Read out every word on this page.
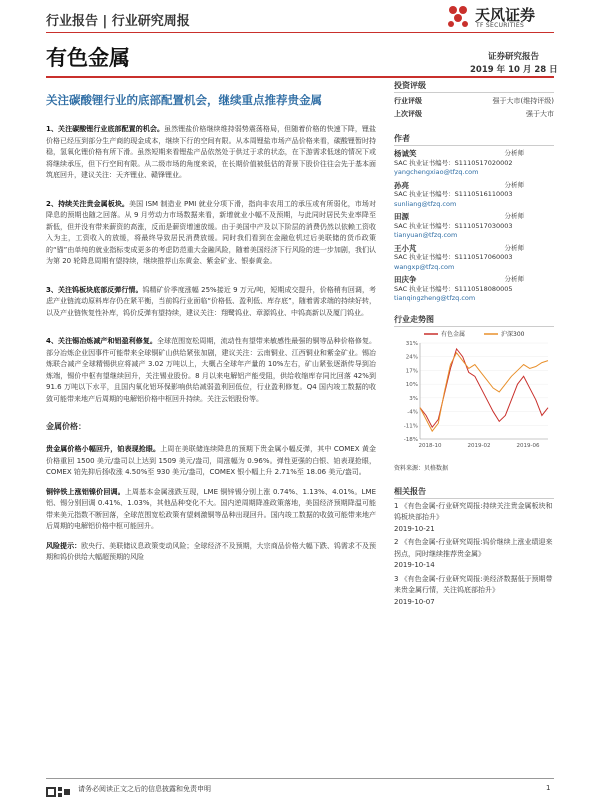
行业报告 | 行业研究周报	天风证券
TF SECURITIES
有色金属	证券研究报告
2019 年 10 月 28 日
关注碳酸锂行业的底部配置机会，继续重点推荐贵金属

1、关注碳酸锂行业底部配置的机会。虽然锂盐价格继续维持弱势震荡格局，但随着价格的快速下降，锂盐价格已经压到部分生产商的现金成本，继续下行的空间有限。从本周锂盐市场产品价格来看，碳酸锂暂时持稳，氢氧化锂价格有所下滑。虽然短期来看锂盐产品依然处于供过于求的状态，在下游需求低迷的情况下或将继续承压，但下行空间有限。从二级市场的角度来说，在长期价值被低估的背景下股价往往会先于基本面筑底回升，建议关注：天齐锂业、赣锋锂业。

2、持续关注贵金属板块。美国 ISM 制造业 PMI 就业分项下滑，指向非农用工的承压或有所弱化，市场对降息的预期也随之回落。从 9 月劳动力市场数据来看，新增就业小幅不及预期，与此同时居民失业率降至新低，但并没有带来薪资的高涨，反而是薪资增速放缓。由于美国中产及以下阶层的消费仍然以依赖工资收入为主，工资收入的放缓，将最终导致居民消费放缓。同时我们看到在金融危机过后美联储的货币政策的“锚”由单纯的就业指标变成更多的考虑防范重大金融风险，随着美国经济下行风险的进一步加剧，我们认为第 20 轮降息周期有望持续，继续推荐山东黄金、紫金矿业、银泰黄金。

3、关注钨板块底部反弹行情。钨精矿价季度涨幅 25%接近 9 万元/吨，短期成交提升，价格稍有回调，考虑产业链流动原料库存仍在紧平衡，当前钨行业面临“价格低、盈利低、库存底”，随着需求端的持续好转，以及产业链恢复性补库，钨价反弹有望持续，建议关注：翔鹭钨业、章源钨业、中钨高新以及厦门钨业。

4、关注锡冶炼减产和铝盈利修复。全球范围宽松周期，流动性有望带来敏感性最强的铜等品种价格修复。部分冶炼企业因事件可能带来全球铜矿山供给紧张加剧，建议关注：云南铜业、江西铜业和紫金矿业。锡冶炼联合减产全球精锡供应将减产 3.02 万吨以上，大概占全球年产量的 10%左右，矿山紧张逐渐传导到冶炼端，锡价中枢有望继续回升，关注锡业股份。8 月以来电解铝产能受阻，供给收缩库存同比回落 42%到 91.6 万吨以下水平，且国内氧化铝环保影响供给减弱盈利回低位，行业盈利修复。Q4 国内竣工数据的收敛可能带来地产后周期的电解铝价格中枢回升持续。关注云铝股份等。

金属价格：

贵金属价格小幅回升，铂表现抢眼。上周在美联储连续降息的预期下贵金属小幅反弹，其中 COMEX 黄金价格重回 1500 美元/盎司以上达到 1509 美元/盎司，周涨幅为 0.96%。弹性更强的白银、铂表现抢眼，COMEX 铂先抑后扬收涨 4.50%至 930 美元/盎司，COMEX 银小幅上升 2.71%至 18.06 美元/盎司。

铜锌铁上涨铝镍价回调。上周基本金属涨跌互现，LME 铜锌锡分别上涨 0.74%、1.13%、4.01%。LME 铝、锡分别回调 0.41%、1.03%，其他品种变化不大。国内逆周期降准政策落地，美国经济预期降温可能带来美元指数不断回落，全球范围宽松政策有望刺激铜等品种出现回升。国内竣工数据的收敛可能带来地产后周期的电解铝价格中枢可能回升。

风险提示：欧央行、美联储议息政策变动风险；全球经济不及预期，大宗商品价格大幅下跌、钨需求不及预期和钨价供给大幅超预期的风险

投资评级
行业评级	强于大市(维持评级)
上次评级	强于大市
作者
杨诚笑	分析师
SAC 执业证书编号：S1110517020002
yangchengxiao@tfzq.com
孙亮	分析师
SAC 执业证书编号：S1110516110003
sunliang@tfzq.com
田源	分析师
SAC 执业证书编号：S1110517030003
tianyuan@tfzq.com
王小芃	分析师
SAC 执业证书编号：S1110517060003
wangxp@tfzq.com
田庆争	分析师
SAC 执业证书编号：S1110518080005
tianqingzheng@tfzq.com
行业走势图
有色金属	沪深300
31%
24%
17%
10%
3%
-4%
-11%
-18%
2018-10	2019-02	2019-06
资料来源：贝格数据
相关报告
1 《有色金属-行业研究周报:持续关注贵金属板块和钨板块部抬升》
2019-10-21
2 《有色金属-行业研究周报:钨价继续上涨业绩迎来拐点，同时继续推荐贵金属》
2019-10-14
3 《有色金属-行业研究周报:美经济数据低于预期带来贵金属行情，关注钨底部抬升》
2019-10-07
请务必阅读正文之后的信息披露和免责申明	1
